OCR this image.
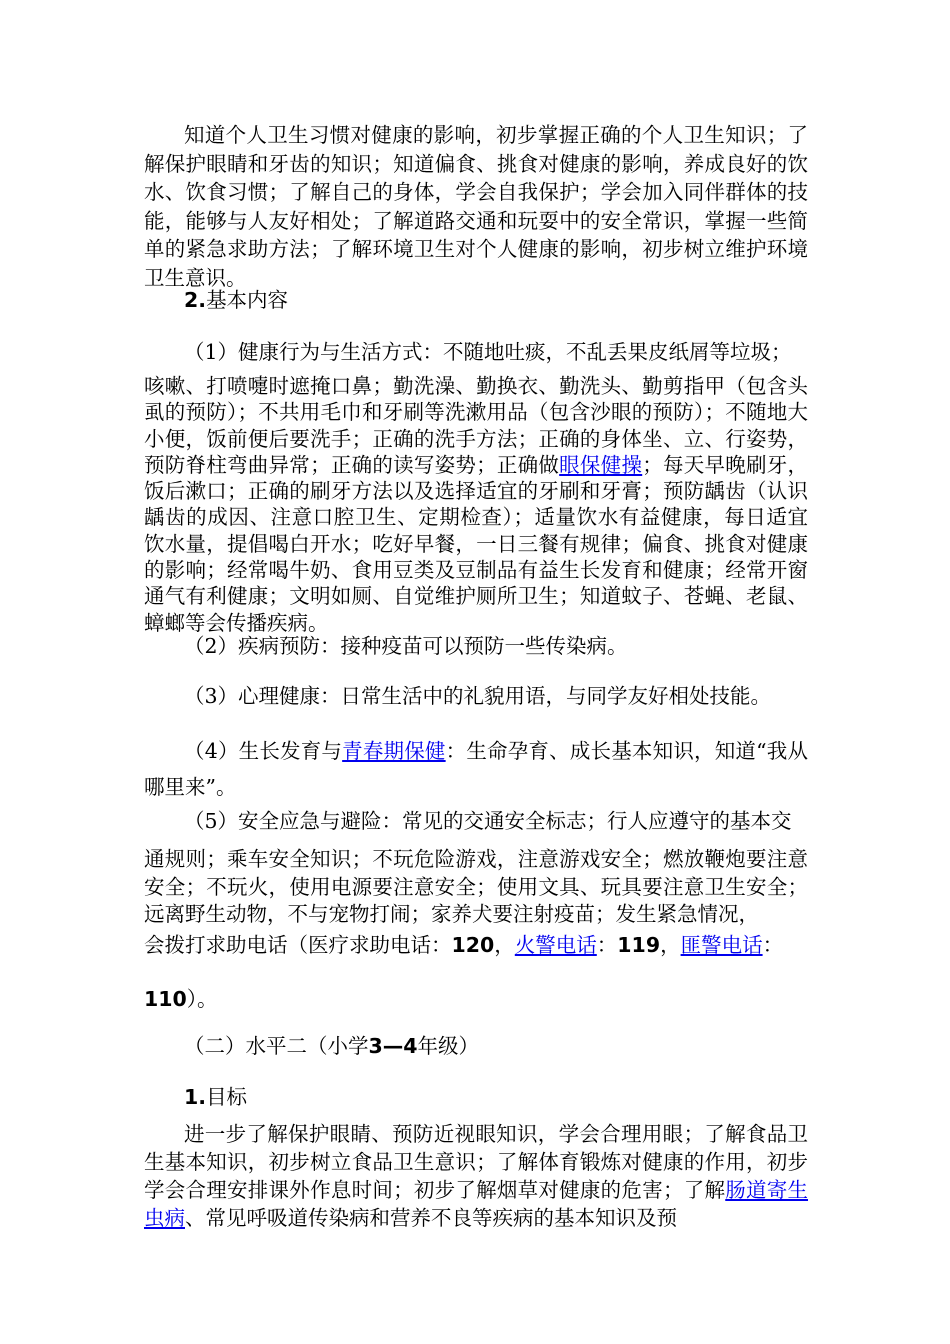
知道个人卫生习惯对健康的影响，初步掌握正确的个人卫生知识；了解保护眼睛和牙齿的知识；知道偏食、挑食对健康的影响，养成良好的饮水、饮食习惯；了解自己的身体，学会自我保护；学会加入同伴群体的技能，能够与人友好相处；了解道路交通和玩耍中的安全常识，掌握一些简单的紧急求助方法；了解环境卫生对个人健康的影响，初步树立维护环境卫生意识。

2.基本内容

（1）健康行为与生活方式：不随地吐痰，不乱丢果皮纸屑等垃圾；

咳嗽、打喷嚏时遮掩口鼻；勤洗澡、勤换衣、勤洗头、勤剪指甲（包含头虱的预防）；不共用毛巾和牙刷等洗漱用品（包含沙眼的预防）；不随地大小便，饭前便后要洗手；正确的洗手方法；正确的身体坐、立、行姿势，预防脊柱弯曲异常；正确的读写姿势；正确做眼保健操；每天早晚刷牙，饭后漱口；正确的刷牙方法以及选择适宜的牙刷和牙膏；预防龋齿（认识龋齿的成因、注意口腔卫生、定期检查）；适量饮水有益健康，每日适宜饮水量，提倡喝白开水；吃好早餐，一日三餐有规律；偏食、挑食对健康的影响；经常喝牛奶、食用豆类及豆制品有益生长发育和健康；经常开窗通气有利健康；文明如厕、自觉维护厕所卫生；知道蚊子、苍蝇、老鼠、蟑螂等会传播疾病。

（2）疾病预防：接种疫苗可以预防一些传染病。

（3）心理健康：日常生活中的礼貌用语，与同学友好相处技能。

（4）生长发育与青春期保健：生命孕育、成长基本知识，知道“我从哪里来”。

（5）安全应急与避险：常见的交通安全标志；行人应遵守的基本交

通规则；乘车安全知识；不玩危险游戏，注意游戏安全；燃放鞭炮要注意安全；不玩火，使用电源要注意安全；使用文具、玩具要注意卫生安全；远离野生动物，不与宠物打闹；家养犬要注射疫苗；发生紧急情况，

会拨打求助电话（医疗求助电话：120，火警电话：119，匪警电话：

110）。

（二）水平二（小学3—4年级）

1.目标

进一步了解保护眼睛、预防近视眼知识，学会合理用眼；了解食品卫生基本知识，初步树立食品卫生意识；了解体育锻炼对健康的作用，初步学会合理安排课外作息时间；初步了解烟草对健康的危害；了解肠道寄生虫病、常见呼吸道传染病和营养不良等疾病的基本知识及预
